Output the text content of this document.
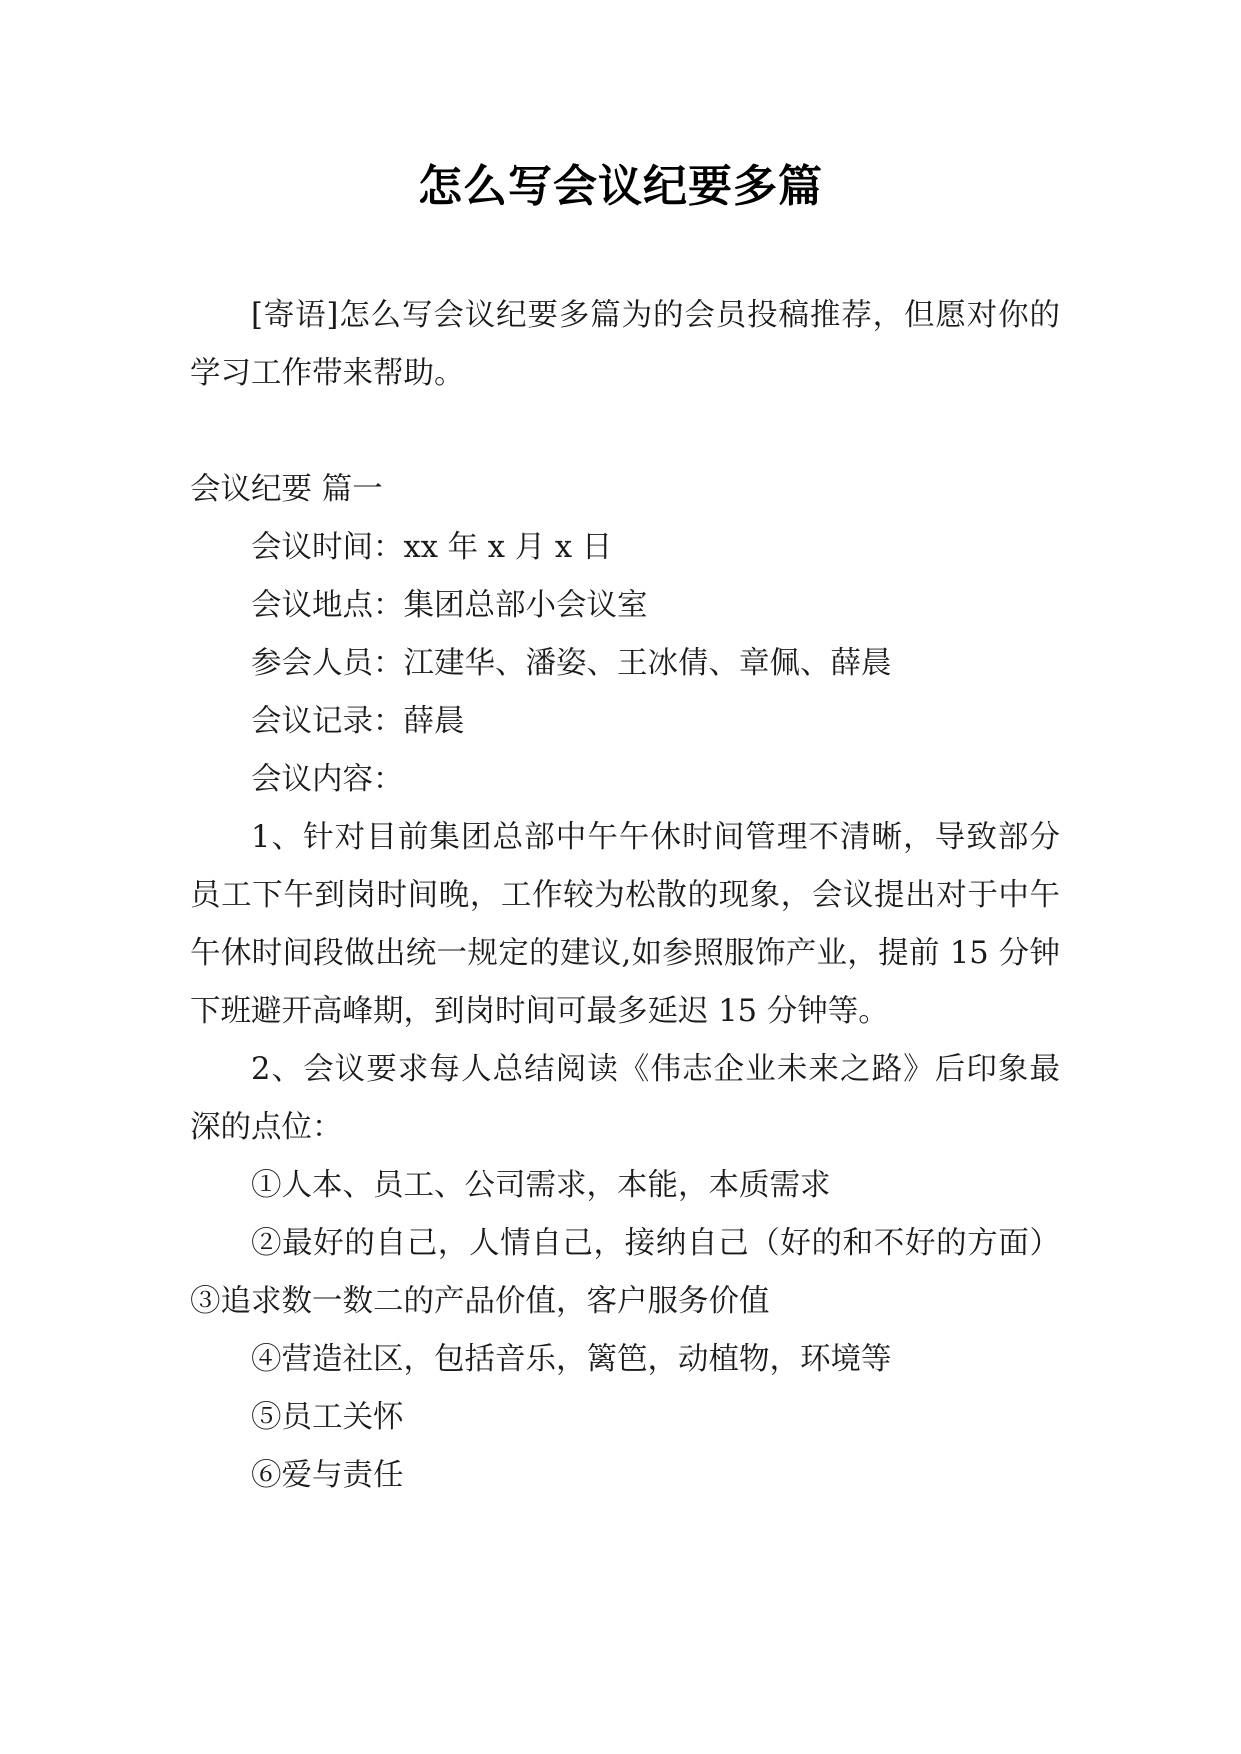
怎么写会议纪要多篇

[寄语]怎么写会议纪要多篇为的会员投稿推荐，但愿对你的学习工作带来帮助。

会议纪要 篇一

会议时间：xx 年 x 月 x 日

会议地点：集团总部小会议室

参会人员：江建华、潘姿、王冰倩、章佩、薛晨

会议记录：薛晨

会议内容：

1、针对目前集团总部中午午休时间管理不清晰，导致部分员工下午到岗时间晚，工作较为松散的现象，会议提出对于中午午休时间段做出统一规定的建议,如参照服饰产业，提前 15 分钟下班避开高峰期，到岗时间可最多延迟 15 分钟等。

2、会议要求每人总结阅读《伟志企业未来之路》后印象最深的点位：

①人本、员工、公司需求，本能，本质需求

②最好的自己，人情自己，接纳自己（好的和不好的方面）③追求数一数二的产品价值，客户服务价值

④营造社区，包括音乐，篱笆，动植物，环境等

⑤员工关怀

⑥爱与责任
